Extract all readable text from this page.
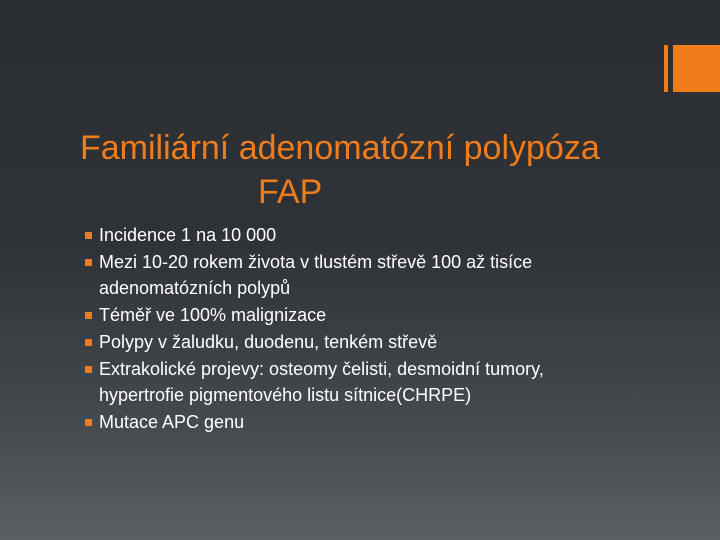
Familiární adenomatózní polypóza
FAP
Incidence 1 na 10 000
Mezi 10-20 rokem života v tlustém střevě 100 až tisíce
adenomatózních polypů
Téměř ve 100% malignizace
Polypy v žaludku, duodenu, tenkém střevě
Extrakolické projevy: osteomy čelisti, desmoidní tumory,
hypertrofie pigmentového listu sítnice(CHRPE)
Mutace APC genu
